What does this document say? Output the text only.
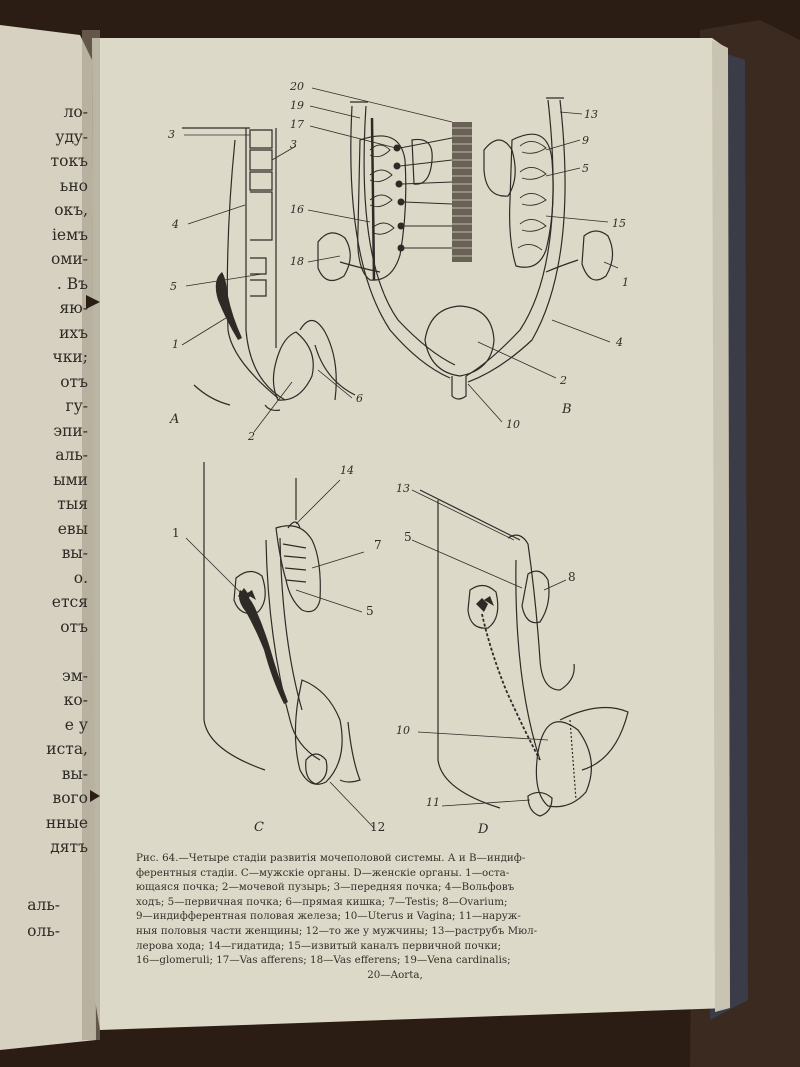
лo-
удy-
токъ
ьно
окъ,
iемъ
оми-
. Въ
яю-
ихъ
чки;
отъ
гу-
эпи-
аль-
ыми
тыя
евы
вы-
о.
ется
отъ

эм-
ко-
е у
иста,
вы-
вого
нные
дятъ
аль-
оль-
3
3
4
5
1
6
2
A
20
19
17
16
18
13
9
5
15
1
4
2
10
B
14
1
7
5
12
C
13
5
8
10
11
D
Рис. 64.—Четыре стадіи развитія мочеполовой системы. А и В—индиф-
ферентныя стадіи. С—мужскіе органы. D—женскіе органы. 1—оста-
ющаяся почка; 2—мочевой пузырь; 3—передняя почка; 4—Вольфовъ
ходъ; 5—первичная почка; 6—прямая кишка; 7—Testis; 8—Ovarium;
9—индифферентная половая железа; 10—Uterus и Vagina; 11—наруж-
ныя половыя части женщины; 12—то же у мужчины; 13—раструбъ Мюл-
лерова хода; 14—гидатида; 15—извитый каналъ первичной почки;
16—glomeruli; 17—Vas afferens; 18—Vas efferens; 19—Vena cardinalis;
20—Aorta,
